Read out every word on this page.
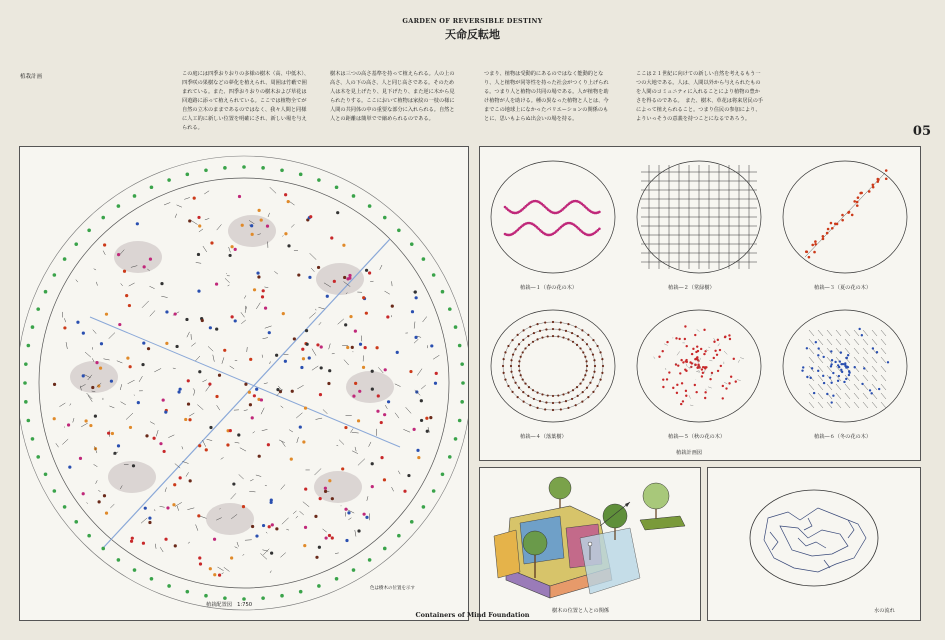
GARDEN OF REVERSIBLE DESTINY
天命反転地
植栽計画	この庭には四季おりおりの多様の樹木（高、中低木）、四季咲の果樹などの夢化を植えられ、周囲は竹藪で囲まれている。また、四季おりおりの樹木および草花は回遊路に添って植えられている。ここでは植物全てが自然の立木のままであるのではなく、我々人間と同様に人工的に新しい位置を明確にされ、新しい場を与えられる。
樹木は三つの高さ基準を持って植えられる。人の上の高さ、人の下の高さ、人と同じ高さである。そのため人は木を見上げたり、見下げたり、また逆に木から見られたりする。ここにおいて植物は家紋の一枝の様に人間の共同体の中の重要な部分に入れられる。自然と人との距離は簡単でで縮められるのである。
つまり、植物は受動的にあるのではなく能動的となり、人と植物が同等性を持った社会がつくり上げられる。つまり人と植物の共同の場である。人が植物を助け植物が人を助ける。種の異なった植物と人とは、今までこの地球上になかったバリエーションの関係のもとに、思いもよらぬ出会いの場を持る。
ここは２１世紀に向けての新しい自然を考えるもう一つの大地である。人は、人間以外から与えられたものを人間のコミュニティに入れることにより植物の豊かさを得るのである。　また、樹木、草花は将来居民の手によって植えられること。つまり住民の参加により、よりいっそうの意義を持つことになるであろう。
05
植栽配置図　1:750
色は樹木の位置を示す
植栽―１（春の花の木）	植栽―２（常緑樹）	植栽―３（夏の花の木）
植栽―４（落葉樹）	植栽―５（秋の花の木）	植栽―６（冬の花の木）
植栽計画図
樹木の位置と人との関係	水の流れ
Containers of Mind Foundation
